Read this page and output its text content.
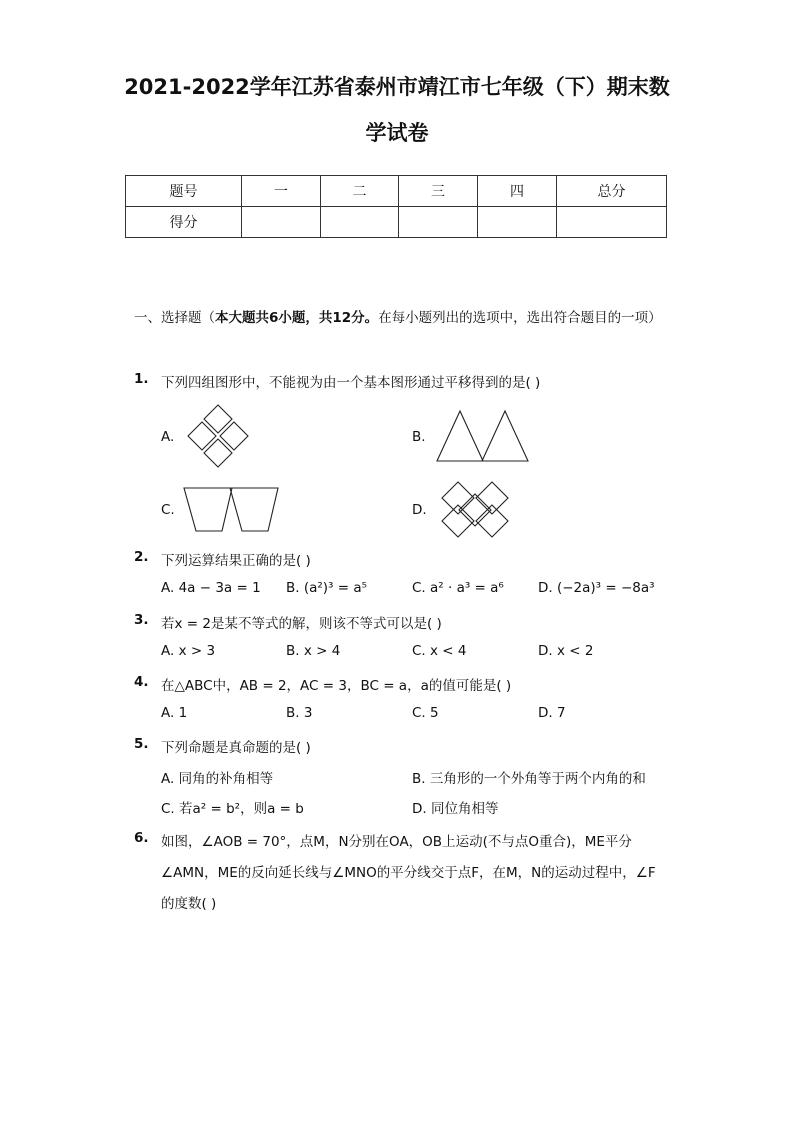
2021-2022学年江苏省泰州市靖江市七年级（下）期末数
学试卷
题号	一	二	三	四	总分
得分					
一、选择题（本大题共6小题，共12分。在每小题列出的选项中，选出符合题目的一项）
1. 下列四组图形中，不能视为由一个基本图形通过平移得到的是( )
A.	B.
C.	D.
2. 下列运算结果正确的是( )
A. 4a − 3a = 1 B. (a²)³ = a⁵	C. a² · a³ = a⁶	D. (−2a)³ = −8a³
3. 若x = 2是某不等式的解，则该不等式可以是( )
A. x > 3	B. x > 4	C. x < 4	D. x < 2
4. 在△ABC中，AB = 2，AC = 3，BC = a，a的值可能是( )
A. 1	B. 3	C. 5	D. 7
5. 下列命题是真命题的是( )
A. 同角的补角相等	B. 三角形的一个外角等于两个内角的和
C. 若a² = b²，则a = b	D. 同位角相等
6. 如图，∠AOB = 70°，点M，N分别在OA，OB上运动(不与点O重合)，ME平分
∠AMN，ME的反向延长线与∠MNO的平分线交于点F，在M，N的运动过程中，∠F
的度数( )
